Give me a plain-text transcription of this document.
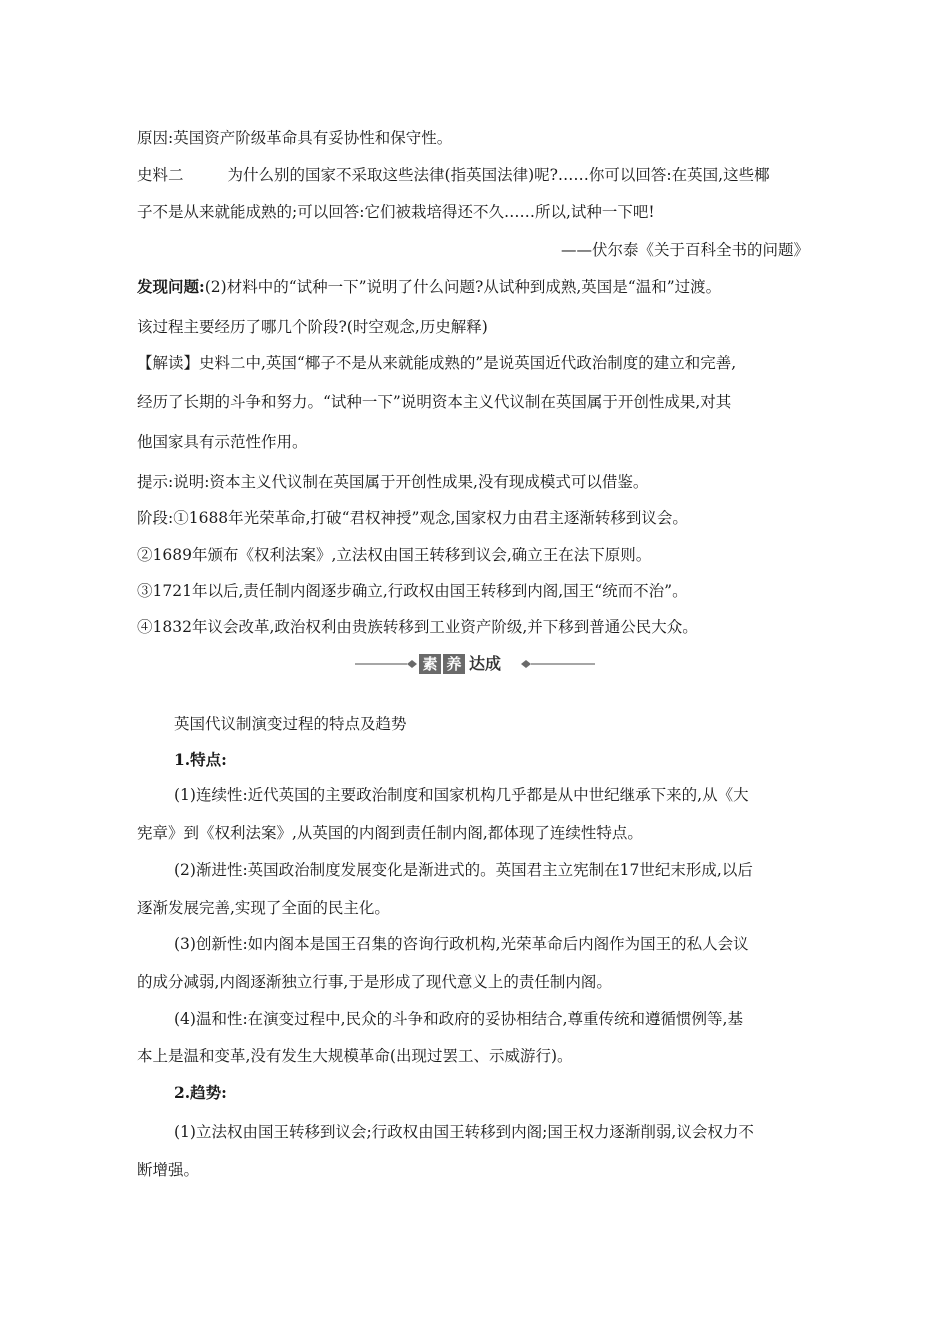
原因:英国资产阶级革命具有妥协性和保守性。
史料二	为什么别的国家不采取这些法律(指英国法律)呢?……你可以回答:在英国,这些椰
子不是从来就能成熟的;可以回答:它们被栽培得还不久……所以,试种一下吧!
——伏尔泰《关于百科全书的问题》
发现问题:(2)材料中的“试种一下”说明了什么问题?从试种到成熟,英国是“温和”过渡。
该过程主要经历了哪几个阶段?(时空观念,历史解释)
【解读】史料二中,英国“椰子不是从来就能成熟的”是说英国近代政治制度的建立和完善,
经历了长期的斗争和努力。“试种一下”说明资本主义代议制在英国属于开创性成果,对其
他国家具有示范性作用。
提示:说明:资本主义代议制在英国属于开创性成果,没有现成模式可以借鉴。
阶段:①1688年光荣革命,打破“君权神授”观念,国家权力由君主逐渐转移到议会。
②1689年颁布《权利法案》,立法权由国王转移到议会,确立王在法下原则。
③1721年以后,责任制内阁逐步确立,行政权由国王转移到内阁,国王“统而不治”。
④1832年议会改革,政治权利由贵族转移到工业资产阶级,并下移到普通公民大众。
素 养 达成
英国代议制演变过程的特点及趋势
1.特点:
(1)连续性:近代英国的主要政治制度和国家机构几乎都是从中世纪继承下来的,从《大
宪章》到《权利法案》,从英国的内阁到责任制内阁,都体现了连续性特点。
(2)渐进性:英国政治制度发展变化是渐进式的。英国君主立宪制在17世纪末形成,以后
逐渐发展完善,实现了全面的民主化。
(3)创新性:如内阁本是国王召集的咨询行政机构,光荣革命后内阁作为国王的私人会议
的成分减弱,内阁逐渐独立行事,于是形成了现代意义上的责任制内阁。
(4)温和性:在演变过程中,民众的斗争和政府的妥协相结合,尊重传统和遵循惯例等,基
本上是温和变革,没有发生大规模革命(出现过罢工、示威游行)。
2.趋势:
(1)立法权由国王转移到议会;行政权由国王转移到内阁;国王权力逐渐削弱,议会权力不
断增强。
